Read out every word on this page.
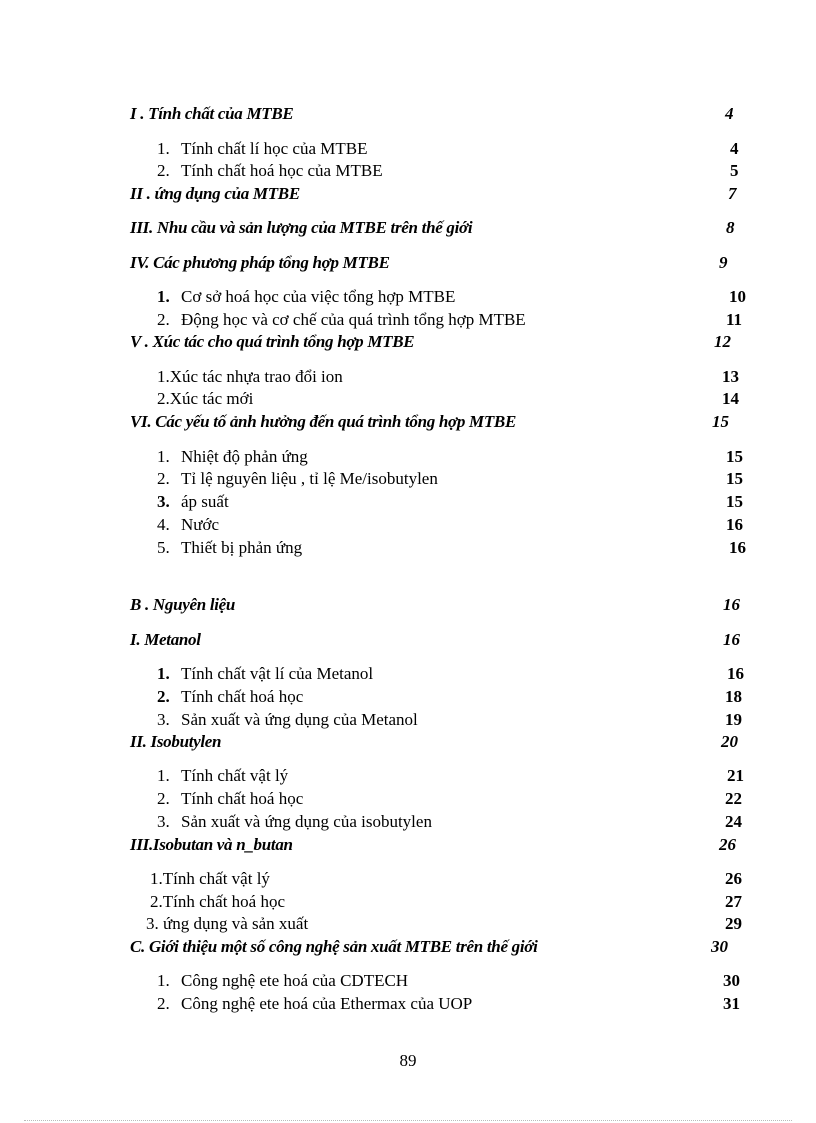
I . Tính chất của MTBE	4
1. Tính chất lí học của MTBE	4
2. Tính chất hoá học của MTBE	5
II . ứng dụng của MTBE	7
III. Nhu cầu và sản lượng của MTBE trên thế giới	8
IV. Các phương pháp tổng hợp MTBE	9
1. Cơ sở hoá học của việc tổng hợp MTBE	10
2. Động học và cơ chế của quá trình tổng hợp MTBE	11
V . Xúc tác cho quá trình tổng hợp MTBE	12
1.Xúc tác nhựa trao đổi ion	13
2.Xúc tác mới	14
VI. Các yếu tố ảnh hưởng đến quá trình tổng hợp MTBE	15
1. Nhiệt độ phản ứng	15
2. Tỉ lệ nguyên liệu , tỉ lệ Me/isobutylen	15
3. áp suất	15
4. Nước	16
5. Thiết bị phản ứng	16
B . Nguyên liệu	16
I. Metanol	16
1. Tính chất vật lí của Metanol	16
2. Tính chất hoá học	18
3. Sản xuất và ứng dụng của Metanol	19
II. Isobutylen	20
1. Tính chất vật lý	21
2. Tính chất hoá học	22
3. Sản xuất và ứng dụng của isobutylen	24
III.Isobutan và n_butan	26
1.Tính chất vật lý	26
2.Tính chất hoá học	27
3. ứng dụng và sản xuất	29
C. Giới thiệu một số công nghệ sản xuất MTBE trên thế giới	30
1. Công nghệ ete hoá của CDTECH	30
2. Công nghệ ete hoá của Ethermax của UOP	31
89
